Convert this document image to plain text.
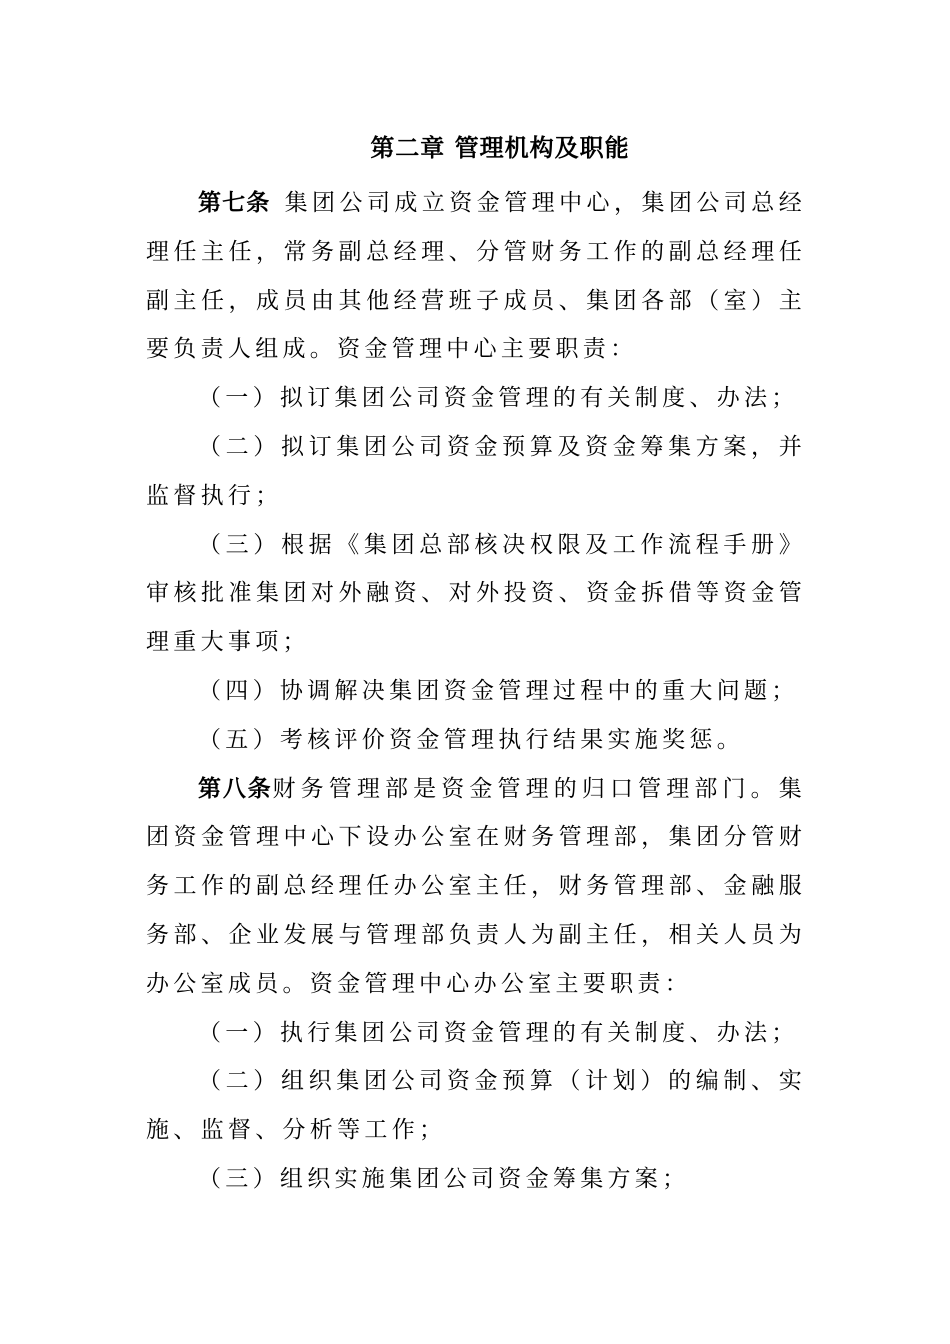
第二章 管理机构及职能

第七条 集团公司成立资金管理中心，集团公司总经理任主任，常务副总经理、分管财务工作的副总经理任副主任，成员由其他经营班子成员、集团各部（室）主要负责人组成。资金管理中心主要职责：

（一）拟订集团公司资金管理的有关制度、办法；

（二）拟订集团公司资金预算及资金筹集方案，并监督执行；

（三）根据《集团总部核决权限及工作流程手册》审核批准集团对外融资、对外投资、资金拆借等资金管理重大事项；

（四）协调解决集团资金管理过程中的重大问题；

（五）考核评价资金管理执行结果实施奖惩。

第八条财务管理部是资金管理的归口管理部门。集团资金管理中心下设办公室在财务管理部，集团分管财务工作的副总经理任办公室主任，财务管理部、金融服务部、企业发展与管理部负责人为副主任，相关人员为办公室成员。资金管理中心办公室主要职责：

（一）执行集团公司资金管理的有关制度、办法；

（二）组织集团公司资金预算（计划）的编制、实施、监督、分析等工作；

（三）组织实施集团公司资金筹集方案；
